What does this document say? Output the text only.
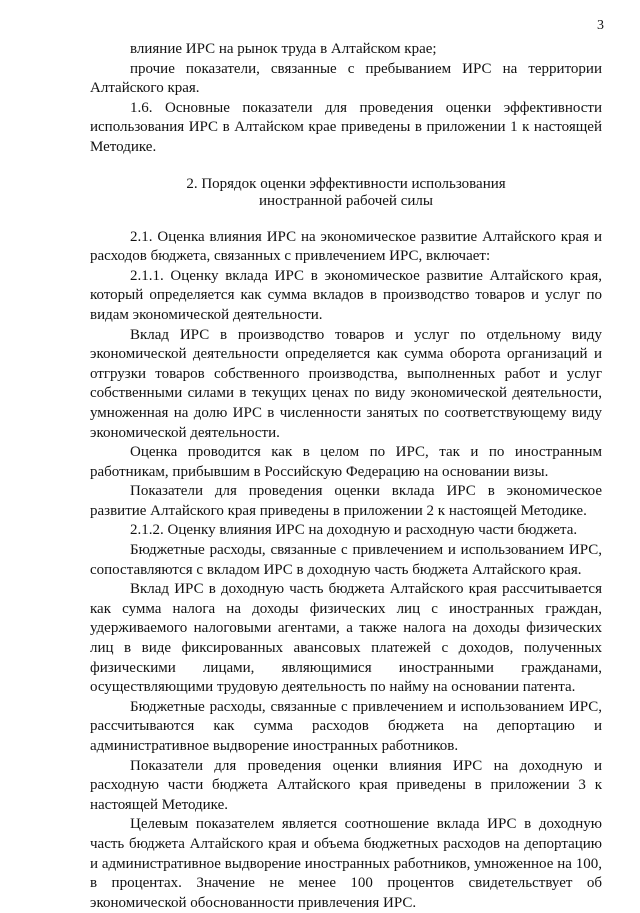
3

влияние ИРС на рынок труда в Алтайском крае;

прочие показатели, связанные с пребыванием ИРС на территории Алтайского края.

1.6. Основные показатели для проведения оценки эффективности использования ИРС в Алтайском крае приведены в приложении 1 к настоящей Методике.

2. Порядок оценки эффективности использования
иностранной рабочей силы

2.1. Оценка влияния ИРС на экономическое развитие Алтайского края и расходов бюджета, связанных с привлечением ИРС, включает:

2.1.1. Оценку вклада ИРС в экономическое развитие Алтайского края, который определяется как сумма вкладов в производство товаров и услуг по видам экономической деятельности.

Вклад ИРС в производство товаров и услуг по отдельному виду экономической деятельности определяется как сумма оборота организаций и отгрузки товаров собственного производства, выполненных работ и услуг собственными силами в текущих ценах по виду экономической деятельности, умноженная на долю ИРС в численности занятых по соответствующему виду экономической деятельности.

Оценка проводится как в целом по ИРС, так и по иностранным работникам, прибывшим в Российскую Федерацию на основании визы.

Показатели для проведения оценки вклада ИРС в экономическое развитие Алтайского края приведены в приложении 2 к настоящей Методике.

2.1.2. Оценку влияния ИРС на доходную и расходную части бюджета.

Бюджетные расходы, связанные с привлечением и использованием ИРС, сопоставляются с вкладом ИРС в доходную часть бюджета Алтайского края.

Вклад ИРС в доходную часть бюджета Алтайского края рассчитывается как сумма налога на доходы физических лиц с иностранных граждан, удерживаемого налоговыми агентами, а также налога на доходы физических лиц в виде фиксированных авансовых платежей с доходов, полученных физическими лицами, являющимися иностранными гражданами, осуществляющими трудовую деятельность по найму на основании патента.

Бюджетные расходы, связанные с привлечением и использованием ИРС, рассчитываются как сумма расходов бюджета на депортацию и административное выдворение иностранных работников.

Показатели для проведения оценки влияния ИРС на доходную и расходную части бюджета Алтайского края приведены в приложении 3 к настоящей Методике.

Целевым показателем является соотношение вклада ИРС в доходную часть бюджета Алтайского края и объема бюджетных расходов на депортацию и административное выдворение иностранных работников, умноженное на 100, в процентах. Значение не менее 100 процентов свидетельствует об экономической обоснованности привлечения ИРС.
